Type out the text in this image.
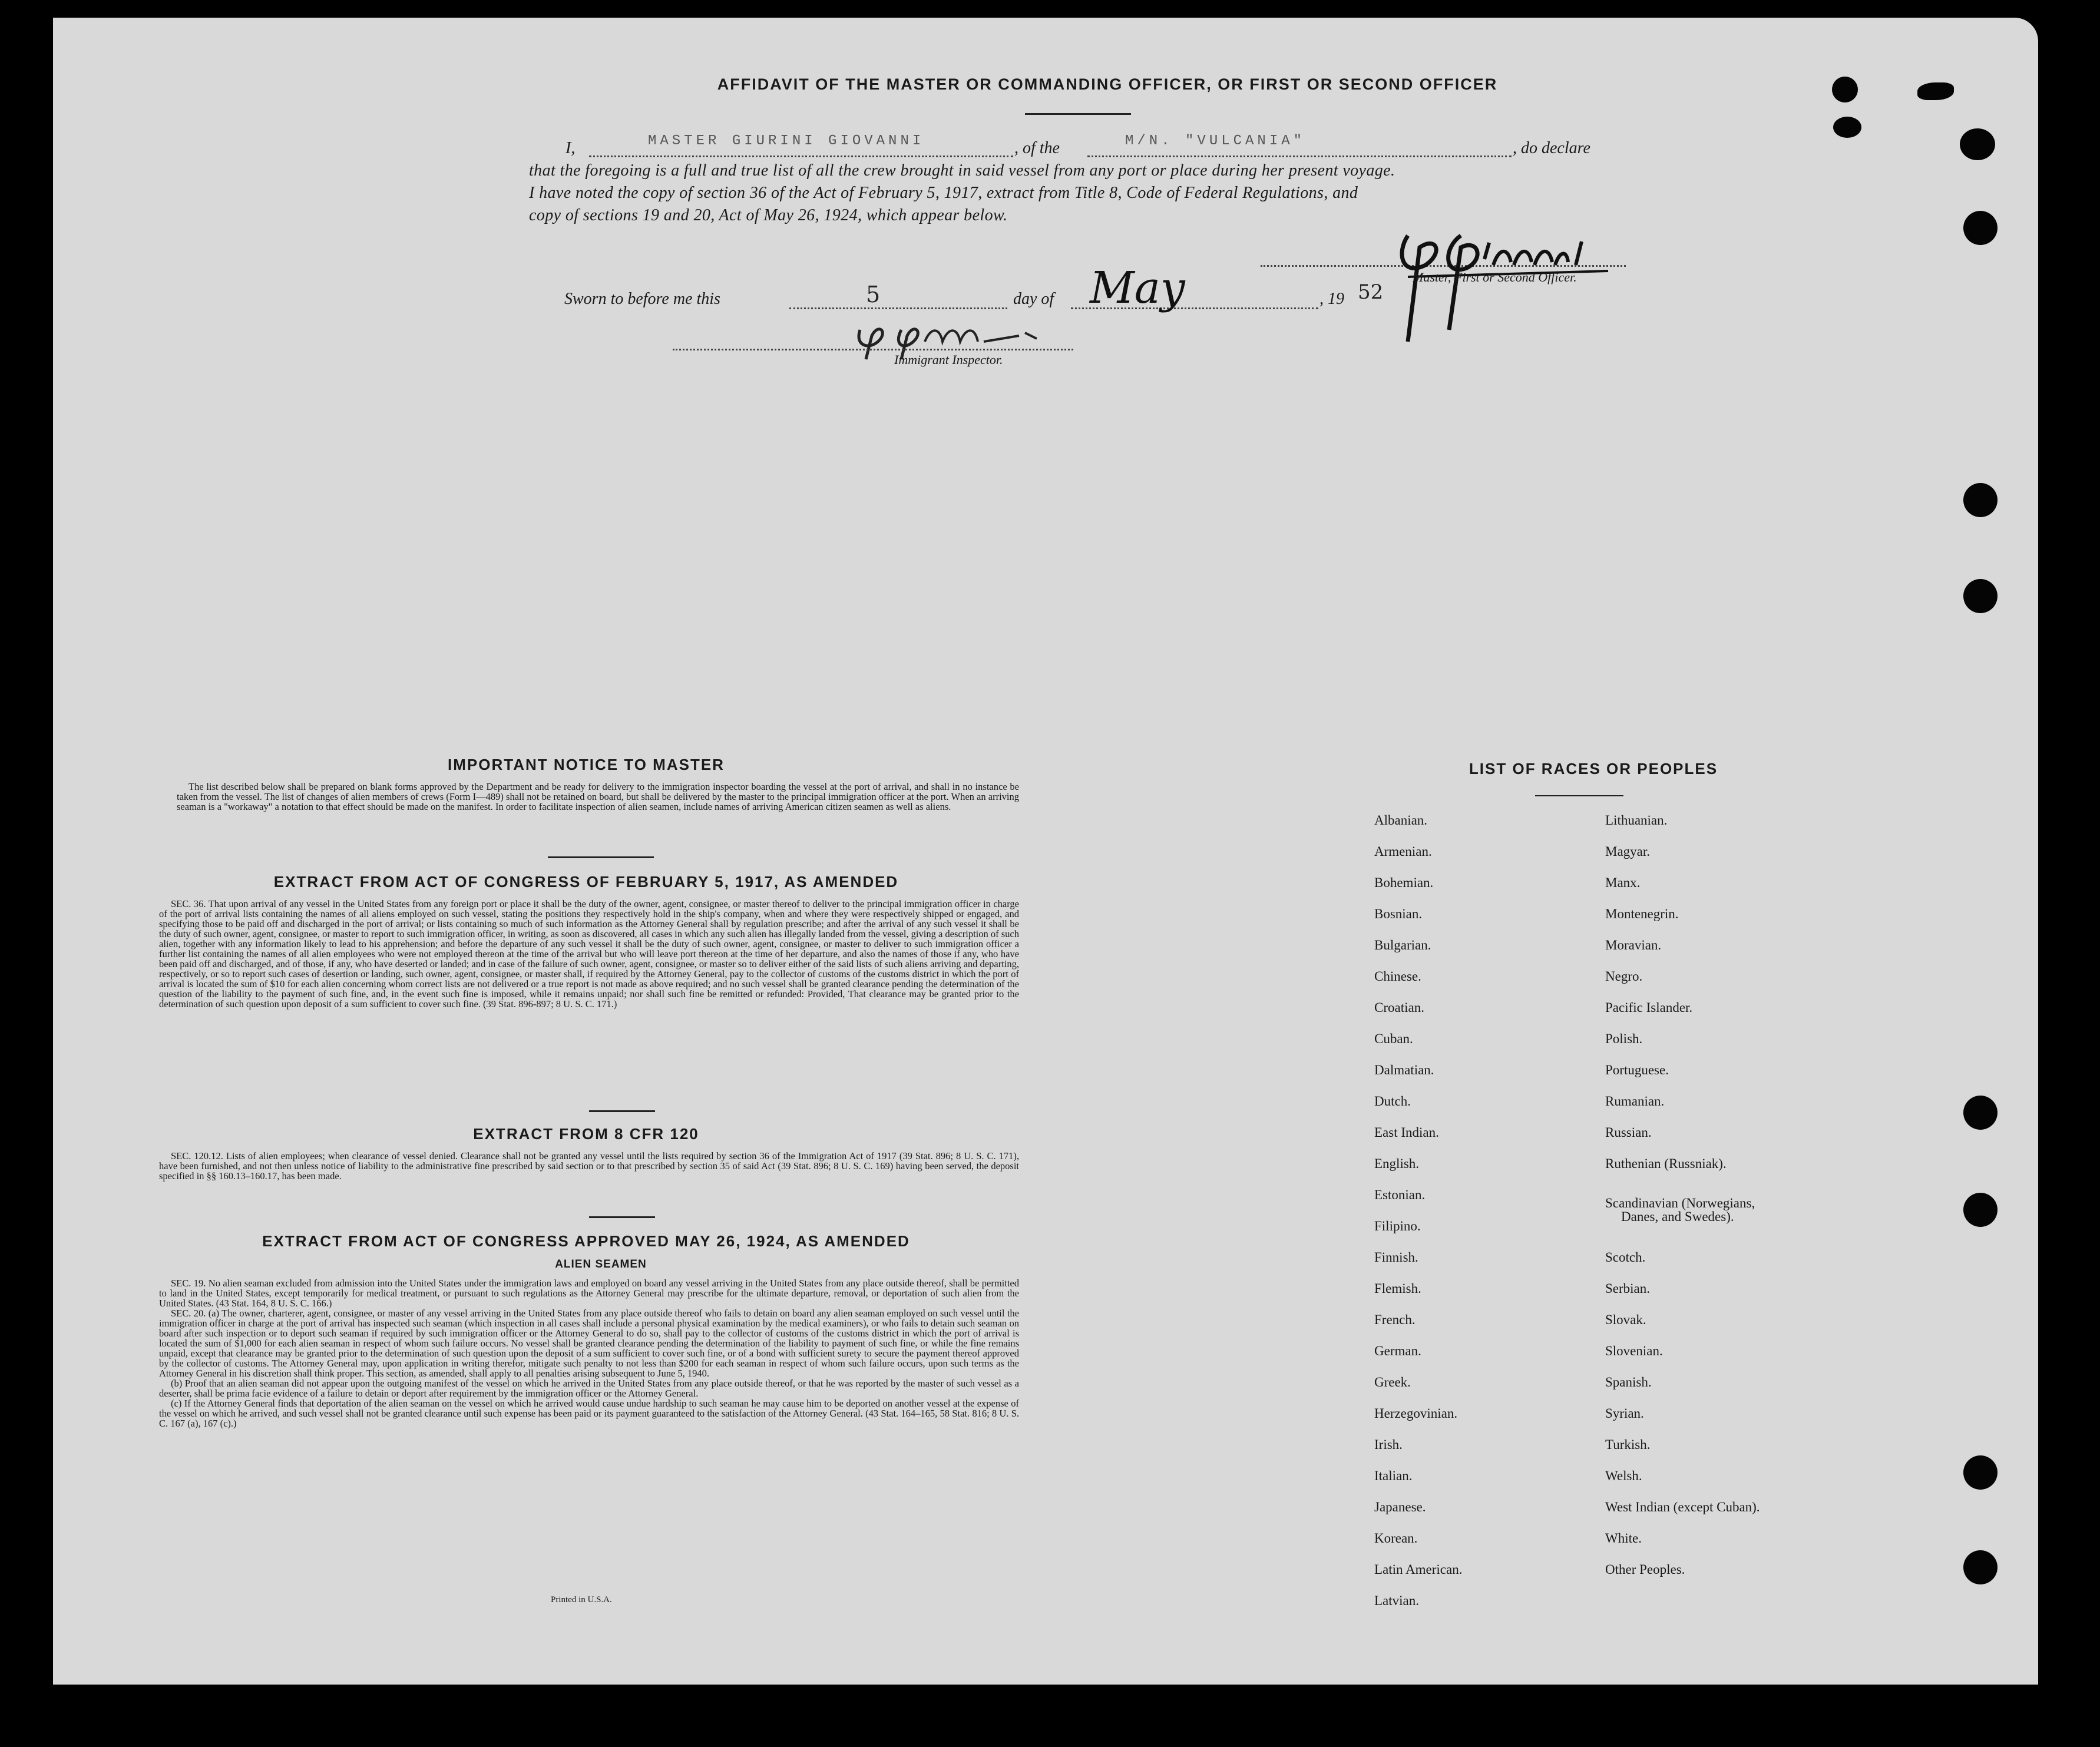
AFFIDAVIT OF THE MASTER OR COMMANDING OFFICER, OR FIRST OR SECOND OFFICER
I,	MASTER GIURINI GIOVANNI	, of the	M/N. "VULCANIA"	, do declare
that the foregoing is a full and true list of all the crew brought in said vessel from any port or place during her present voyage.
I have noted the copy of section 36 of the Act of February 5, 1917, extract from Title 8, Code of Federal Regulations, and
copy of sections 19 and 20, Act of May 26, 1924, which appear below.
Master, First or Second Officer.
Sworn to before me this	5	day of May	, 19 52
Immigrant Inspector.
IMPORTANT NOTICE TO MASTER

The list described below shall be prepared on blank forms approved by the Department and be ready for delivery to the immigration inspector boarding the vessel at the port of arrival, and shall in no instance be taken from the vessel. The list of changes of alien members of crews (Form I—489) shall not be retained on board, but shall be delivered by the master to the principal immigration officer at the port. When an arriving seaman is a "workaway" a notation to that effect should be made on the manifest. In order to facilitate inspection of alien seamen, include names of arriving American citizen seamen as well as aliens.

EXTRACT FROM ACT OF CONGRESS OF FEBRUARY 5, 1917, AS AMENDED

SEC. 36. That upon arrival of any vessel in the United States from any foreign port or place it shall be the duty of the owner, agent, consignee, or master thereof to deliver to the principal immigration officer in charge of the port of arrival lists containing the names of all aliens employed on such vessel, stating the positions they respectively hold in the ship's company, when and where they were respectively shipped or engaged, and specifying those to be paid off and discharged in the port of arrival; or lists containing so much of such information as the Attorney General shall by regulation prescribe; and after the arrival of any such vessel it shall be the duty of such owner, agent, consignee, or master to report to such immigration officer, in writing, as soon as discovered, all cases in which any such alien has illegally landed from the vessel, giving a description of such alien, together with any information likely to lead to his apprehension; and before the departure of any such vessel it shall be the duty of such owner, agent, consignee, or master to deliver to such immigration officer a further list containing the names of all alien employees who were not employed thereon at the time of the arrival but who will leave port thereon at the time of her departure, and also the names of those if any, who have been paid off and discharged, and of those, if any, who have deserted or landed; and in case of the failure of such owner, agent, consignee, or master so to deliver either of the said lists of such aliens arriving and departing, respectively, or so to report such cases of desertion or landing, such owner, agent, consignee, or master shall, if required by the Attorney General, pay to the collector of customs of the customs district in which the port of arrival is located the sum of $10 for each alien concerning whom correct lists are not delivered or a true report is not made as above required; and no such vessel shall be granted clearance pending the determination of the question of the liability to the payment of such fine, and, in the event such fine is imposed, while it remains unpaid; nor shall such fine be remitted or refunded: Provided, That clearance may be granted prior to the determination of such question upon deposit of a sum sufficient to cover such fine. (39 Stat. 896-897; 8 U. S. C. 171.)

EXTRACT FROM 8 CFR 120

SEC. 120.12. Lists of alien employees; when clearance of vessel denied. Clearance shall not be granted any vessel until the lists required by section 36 of the Immigration Act of 1917 (39 Stat. 896; 8 U. S. C. 171), have been furnished, and not then unless notice of liability to the administrative fine prescribed by said section or to that prescribed by section 35 of said Act (39 Stat. 896; 8 U. S. C. 169) having been served, the deposit specified in §§ 160.13–160.17, has been made.

EXTRACT FROM ACT OF CONGRESS APPROVED MAY 26, 1924, AS AMENDED
ALIEN SEAMEN

SEC. 19. No alien seaman excluded from admission into the United States under the immigration laws and employed on board any vessel arriving in the United States from any place outside thereof, shall be permitted to land in the United States, except temporarily for medical treatment, or pursuant to such regulations as the Attorney General may prescribe for the ultimate departure, removal, or deportation of such alien from the United States. (43 Stat. 164, 8 U. S. C. 166.)

SEC. 20. (a) The owner, charterer, agent, consignee, or master of any vessel arriving in the United States from any place outside thereof who fails to detain on board any alien seaman employed on such vessel until the immigration officer in charge at the port of arrival has inspected such seaman (which inspection in all cases shall include a personal physical examination by the medical examiners), or who fails to detain such seaman on board after such inspection or to deport such seaman if required by such immigration officer or the Attorney General to do so, shall pay to the collector of customs of the customs district in which the port of arrival is located the sum of $1,000 for each alien seaman in respect of whom such failure occurs. No vessel shall be granted clearance pending the determination of the liability to payment of such fine, or while the fine remains unpaid, except that clearance may be granted prior to the determination of such question upon the deposit of a sum sufficient to cover such fine, or of a bond with sufficient surety to secure the payment thereof approved by the collector of customs. The Attorney General may, upon application in writing therefor, mitigate such penalty to not less than $200 for each seaman in respect of whom such failure occurs, upon such terms as the Attorney General in his discretion shall think proper. This section, as amended, shall apply to all penalties arising subsequent to June 5, 1940.

(b) Proof that an alien seaman did not appear upon the outgoing manifest of the vessel on which he arrived in the United States from any place outside thereof, or that he was reported by the master of such vessel as a deserter, shall be prima facie evidence of a failure to detain or deport after requirement by the immigration officer or the Attorney General.

(c) If the Attorney General finds that deportation of the alien seaman on the vessel on which he arrived would cause undue hardship to such seaman he may cause him to be deported on another vessel at the expense of the vessel on which he arrived, and such vessel shall not be granted clearance until such expense has been paid or its payment guaranteed to the satisfaction of the Attorney General. (43 Stat. 164–165, 58 Stat. 816; 8 U. S. C. 167 (a), 167 (c).)

Printed in U.S.A.
LIST OF RACES OR PEOPLES
Albanian.
Armenian.
Bohemian.
Bosnian.
Bulgarian.
Chinese.
Croatian.
Cuban.
Dalmatian.
Dutch.
East Indian.
English.
Estonian.
Filipino.
Finnish.
Flemish.
French.
German.
Greek.
Herzegovinian.
Irish.
Italian.
Japanese.
Korean.
Latin American.
Latvian.
Lithuanian.
Magyar.
Manx.
Montenegrin.
Moravian.
Negro.
Pacific Islander.
Polish.
Portuguese.
Rumanian.
Russian.
Ruthenian (Russniak).
Scandinavian (Norwegians,
Danes, and Swedes).
Scotch.
Serbian.
Slovak.
Slovenian.
Spanish.
Syrian.
Turkish.
Welsh.
West Indian (except Cuban).
White.
Other Peoples.
